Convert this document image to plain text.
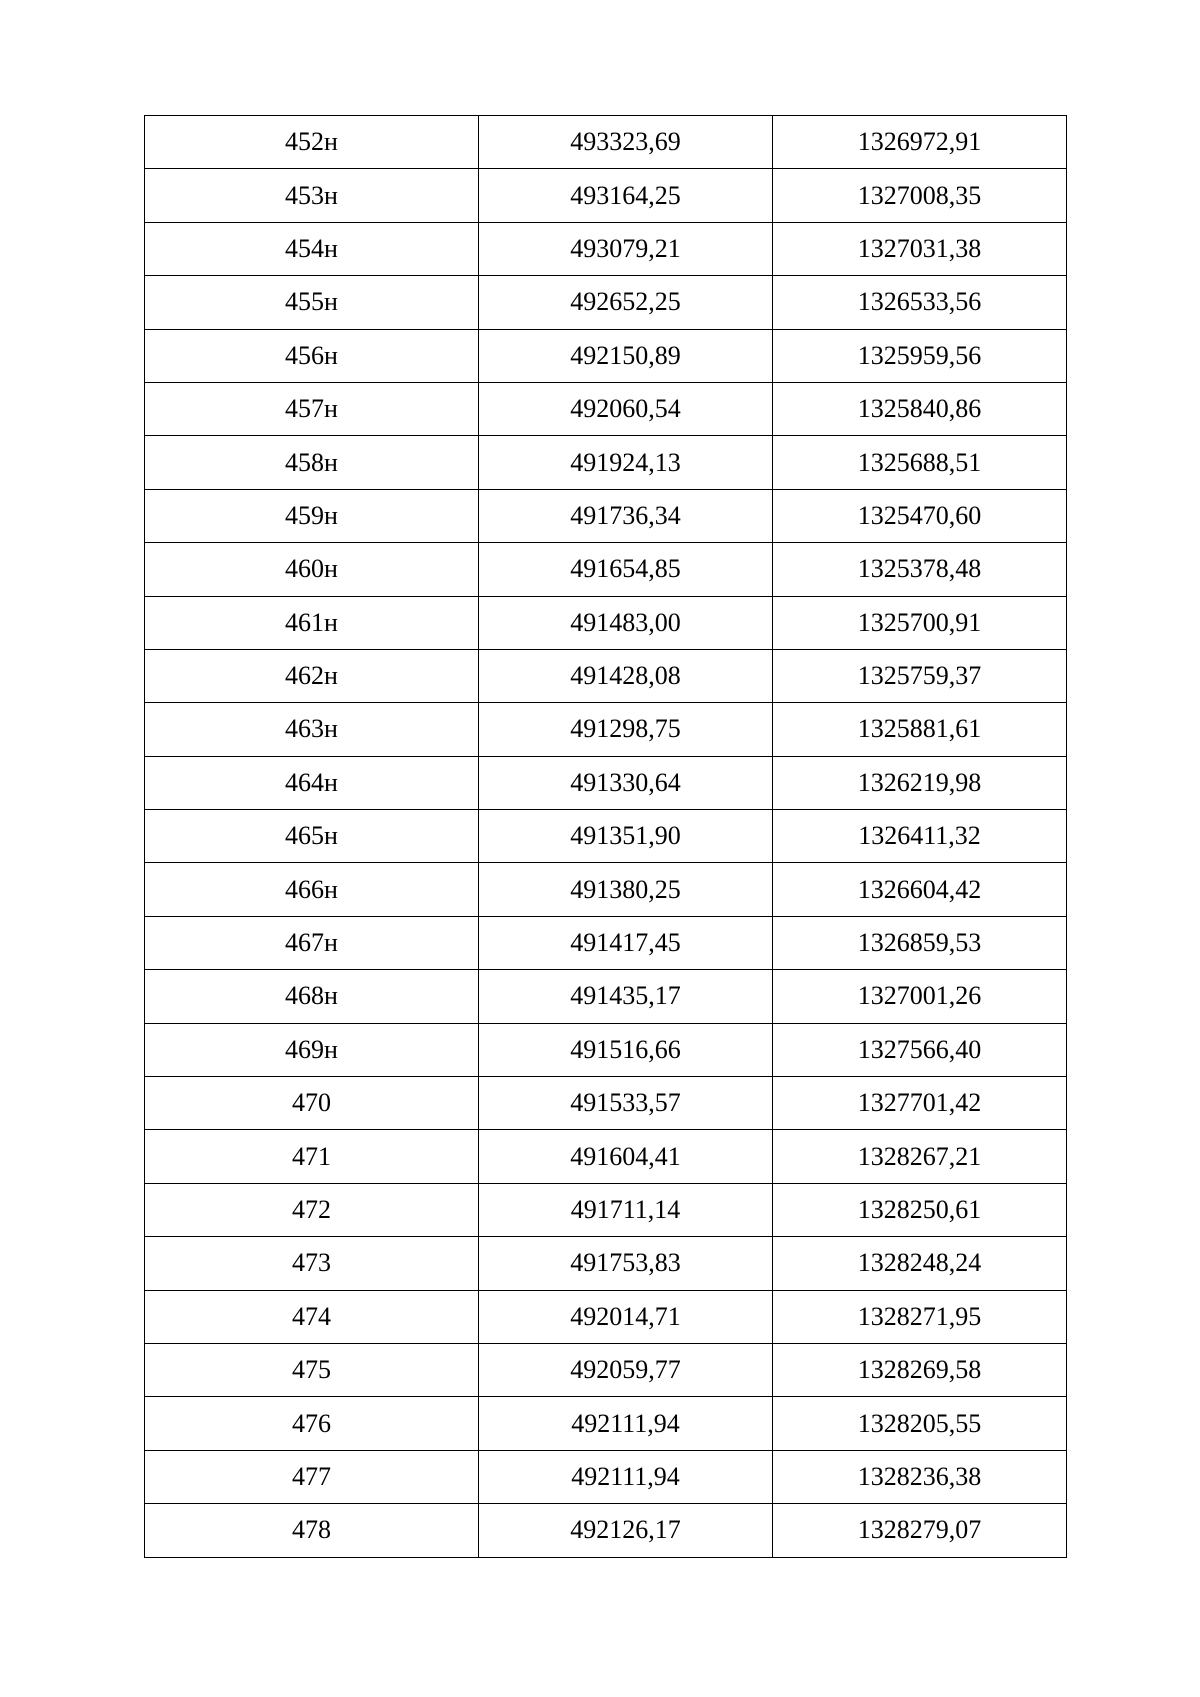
452н	493323,69	1326972,91
453н	493164,25	1327008,35
454н	493079,21	1327031,38
455н	492652,25	1326533,56
456н	492150,89	1325959,56
457н	492060,54	1325840,86
458н	491924,13	1325688,51
459н	491736,34	1325470,60
460н	491654,85	1325378,48
461н	491483,00	1325700,91
462н	491428,08	1325759,37
463н	491298,75	1325881,61
464н	491330,64	1326219,98
465н	491351,90	1326411,32
466н	491380,25	1326604,42
467н	491417,45	1326859,53
468н	491435,17	1327001,26
469н	491516,66	1327566,40
470	491533,57	1327701,42
471	491604,41	1328267,21
472	491711,14	1328250,61
473	491753,83	1328248,24
474	492014,71	1328271,95
475	492059,77	1328269,58
476	492111,94	1328205,55
477	492111,94	1328236,38
478	492126,17	1328279,07
